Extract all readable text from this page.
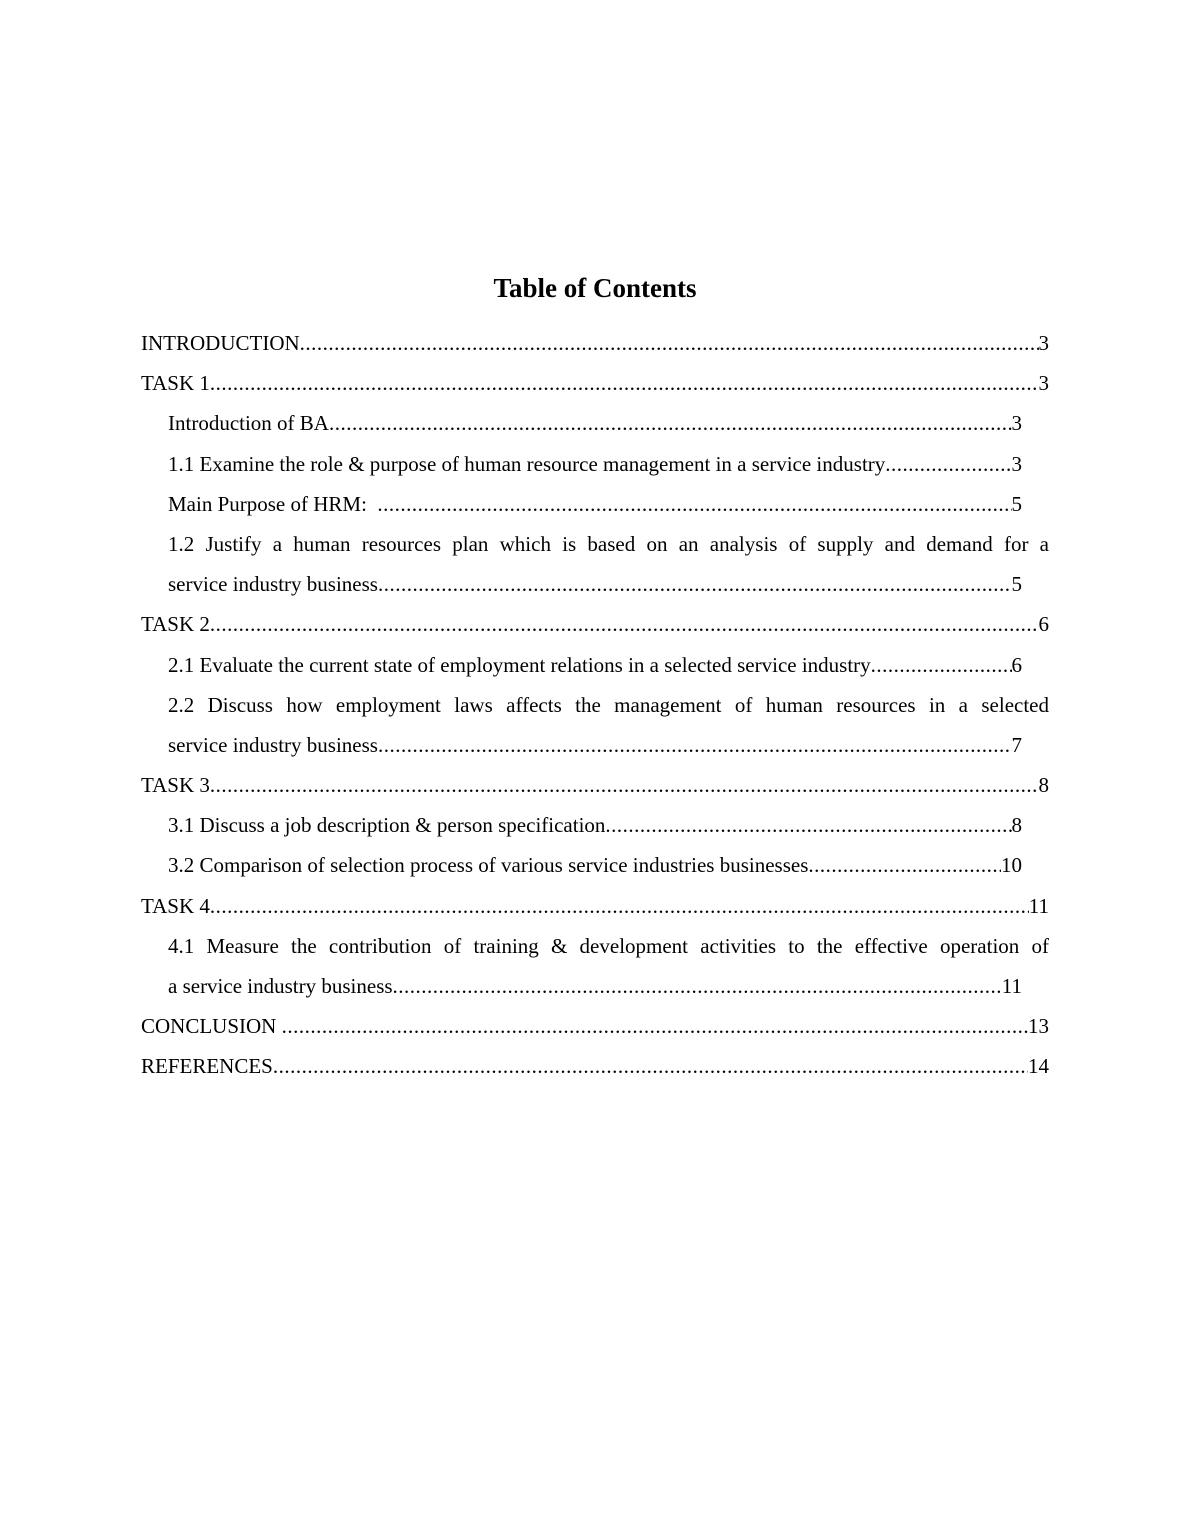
Table of Contents
INTRODUCTION .....	3
TASK 1 .....	3
Introduction of BA .....	3
1.1 Examine the role & purpose of human resource management in a service industry .....	3
Main Purpose of HRM: .....	5
1.2 Justify a human resources plan which is based on an analysis of supply and demand for a
service industry business .....	5
TASK 2 .....	6
2.1 Evaluate the current state of employment relations in a selected service industry .....	6
2.2 Discuss how employment laws affects the management of human resources in a selected
service industry business .....	7
TASK 3 .....	8
3.1 Discuss a job description & person specification .....	8
3.2 Comparison of selection process of various service industries businesses .....	10
TASK 4 .....	11
4.1 Measure the contribution of training & development activities to the effective operation of
a service industry business .....	11
CONCLUSION .....	13
REFERENCES .....	14
